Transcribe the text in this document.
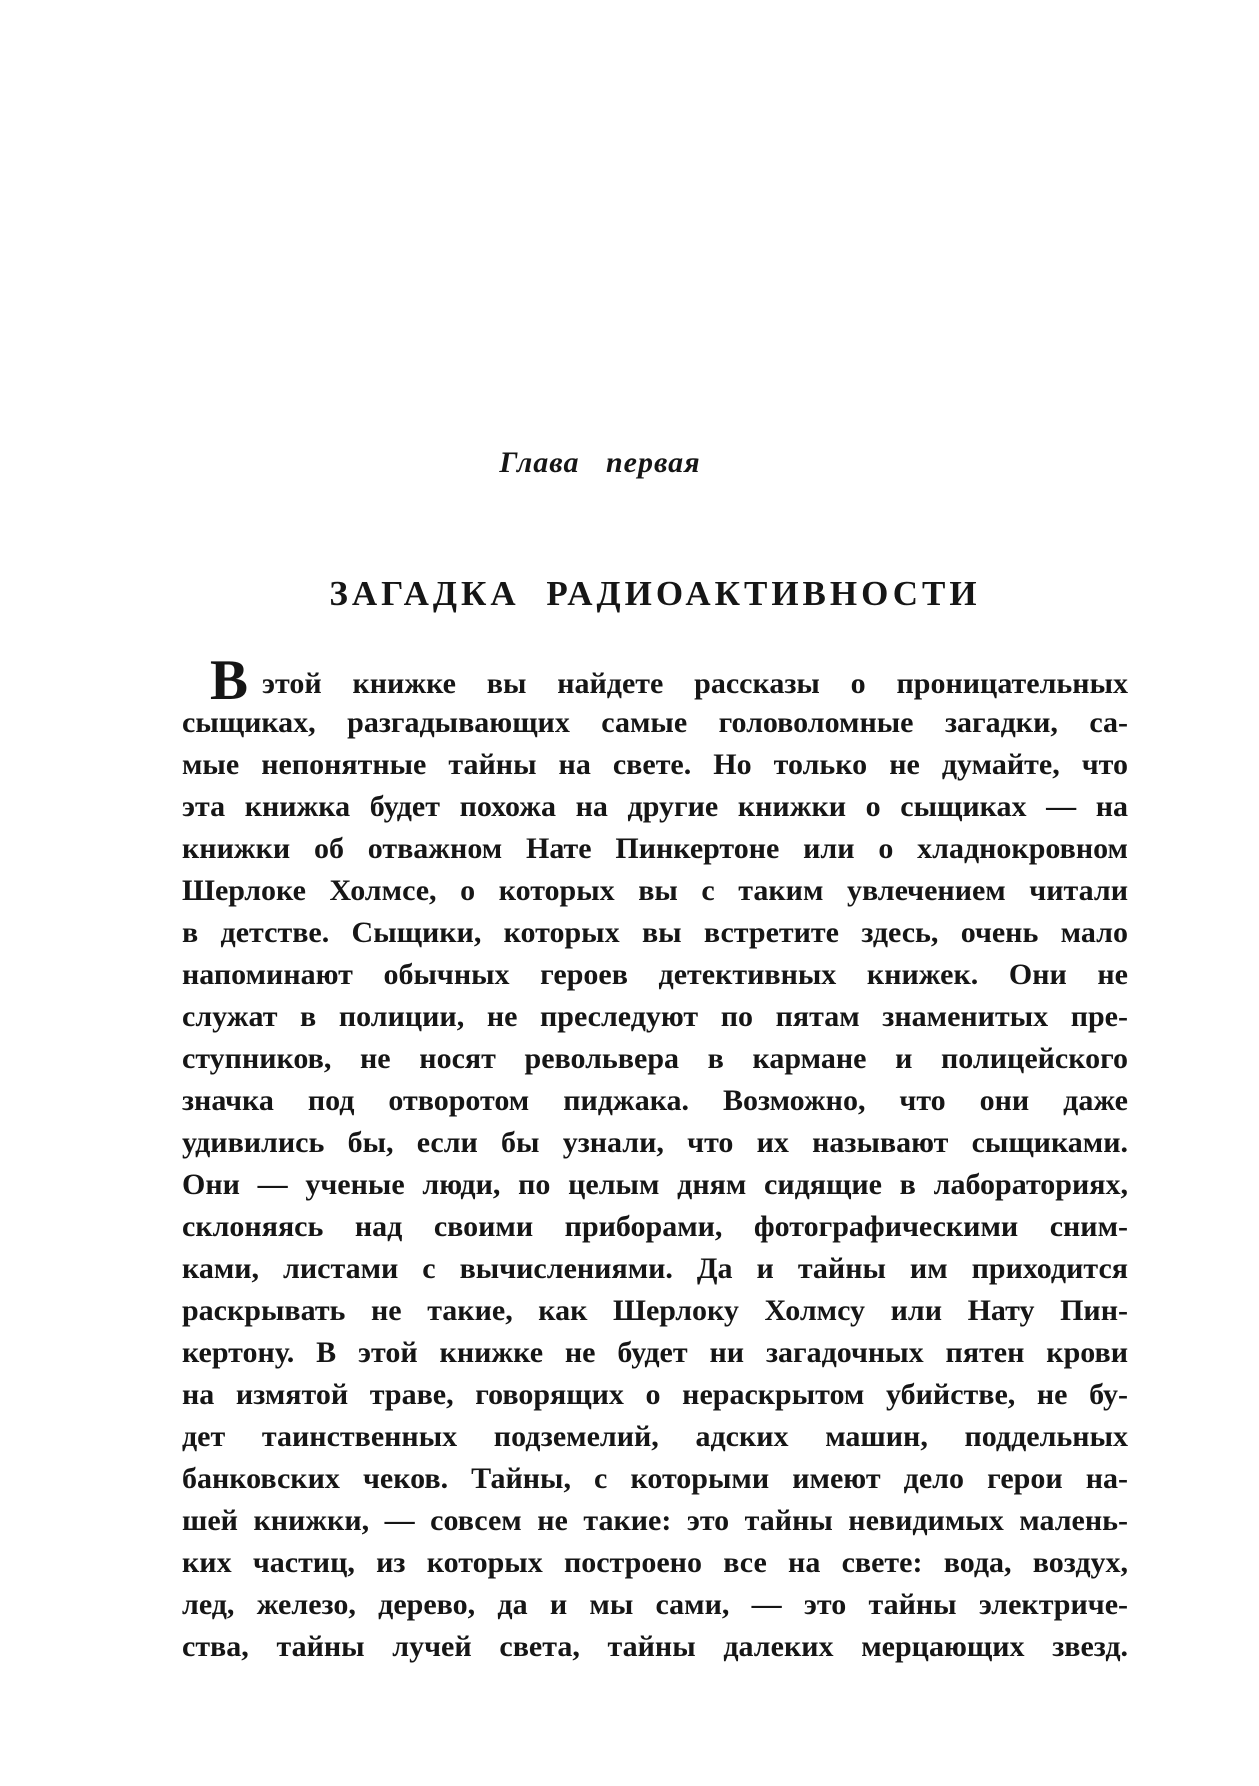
Глава первая
ЗАГАДКА РАДИОАКТИВНОСТИ
Вэтой книжке вы найдете рассказы о проницательных
сыщиках, разгадывающих самые головоломные загадки, са-
мые непонятные тайны на свете. Но только не думайте, что
эта книжка будет похожа на другие книжки о сыщиках — на
книжки об отважном Нате Пинкертоне или о хладнокровном
Шерлоке Холмсе, о которых вы с таким увлечением читали
в детстве. Сыщики, которых вы встретите здесь, очень мало
напоминают обычных героев детективных книжек. Они не
служат в полиции, не преследуют по пятам знаменитых пре-
ступников, не носят револьвера в кармане и полицейского
значка под отворотом пиджака. Возможно, что они даже
удивились бы, если бы узнали, что их называют сыщиками.
Они — ученые люди, по целым дням сидящие в лабораториях,
склоняясь над своими приборами, фотографическими сним-
ками, листами с вычислениями. Да и тайны им приходится
раскрывать не такие, как Шерлоку Холмсу или Нату Пин-
кертону. В этой книжке не будет ни загадочных пятен крови
на измятой траве, говорящих о нераскрытом убийстве, не бу-
дет таинственных подземелий, адских машин, поддельных
банковских чеков. Тайны, с которыми имеют дело герои на-
шей книжки, — совсем не такие: это тайны невидимых малень-
ких частиц, из которых построено все на свете: вода, воздух,
лед, железо, дерево, да и мы сами, — это тайны электриче-
ства, тайны лучей света, тайны далеких мерцающих звезд.
